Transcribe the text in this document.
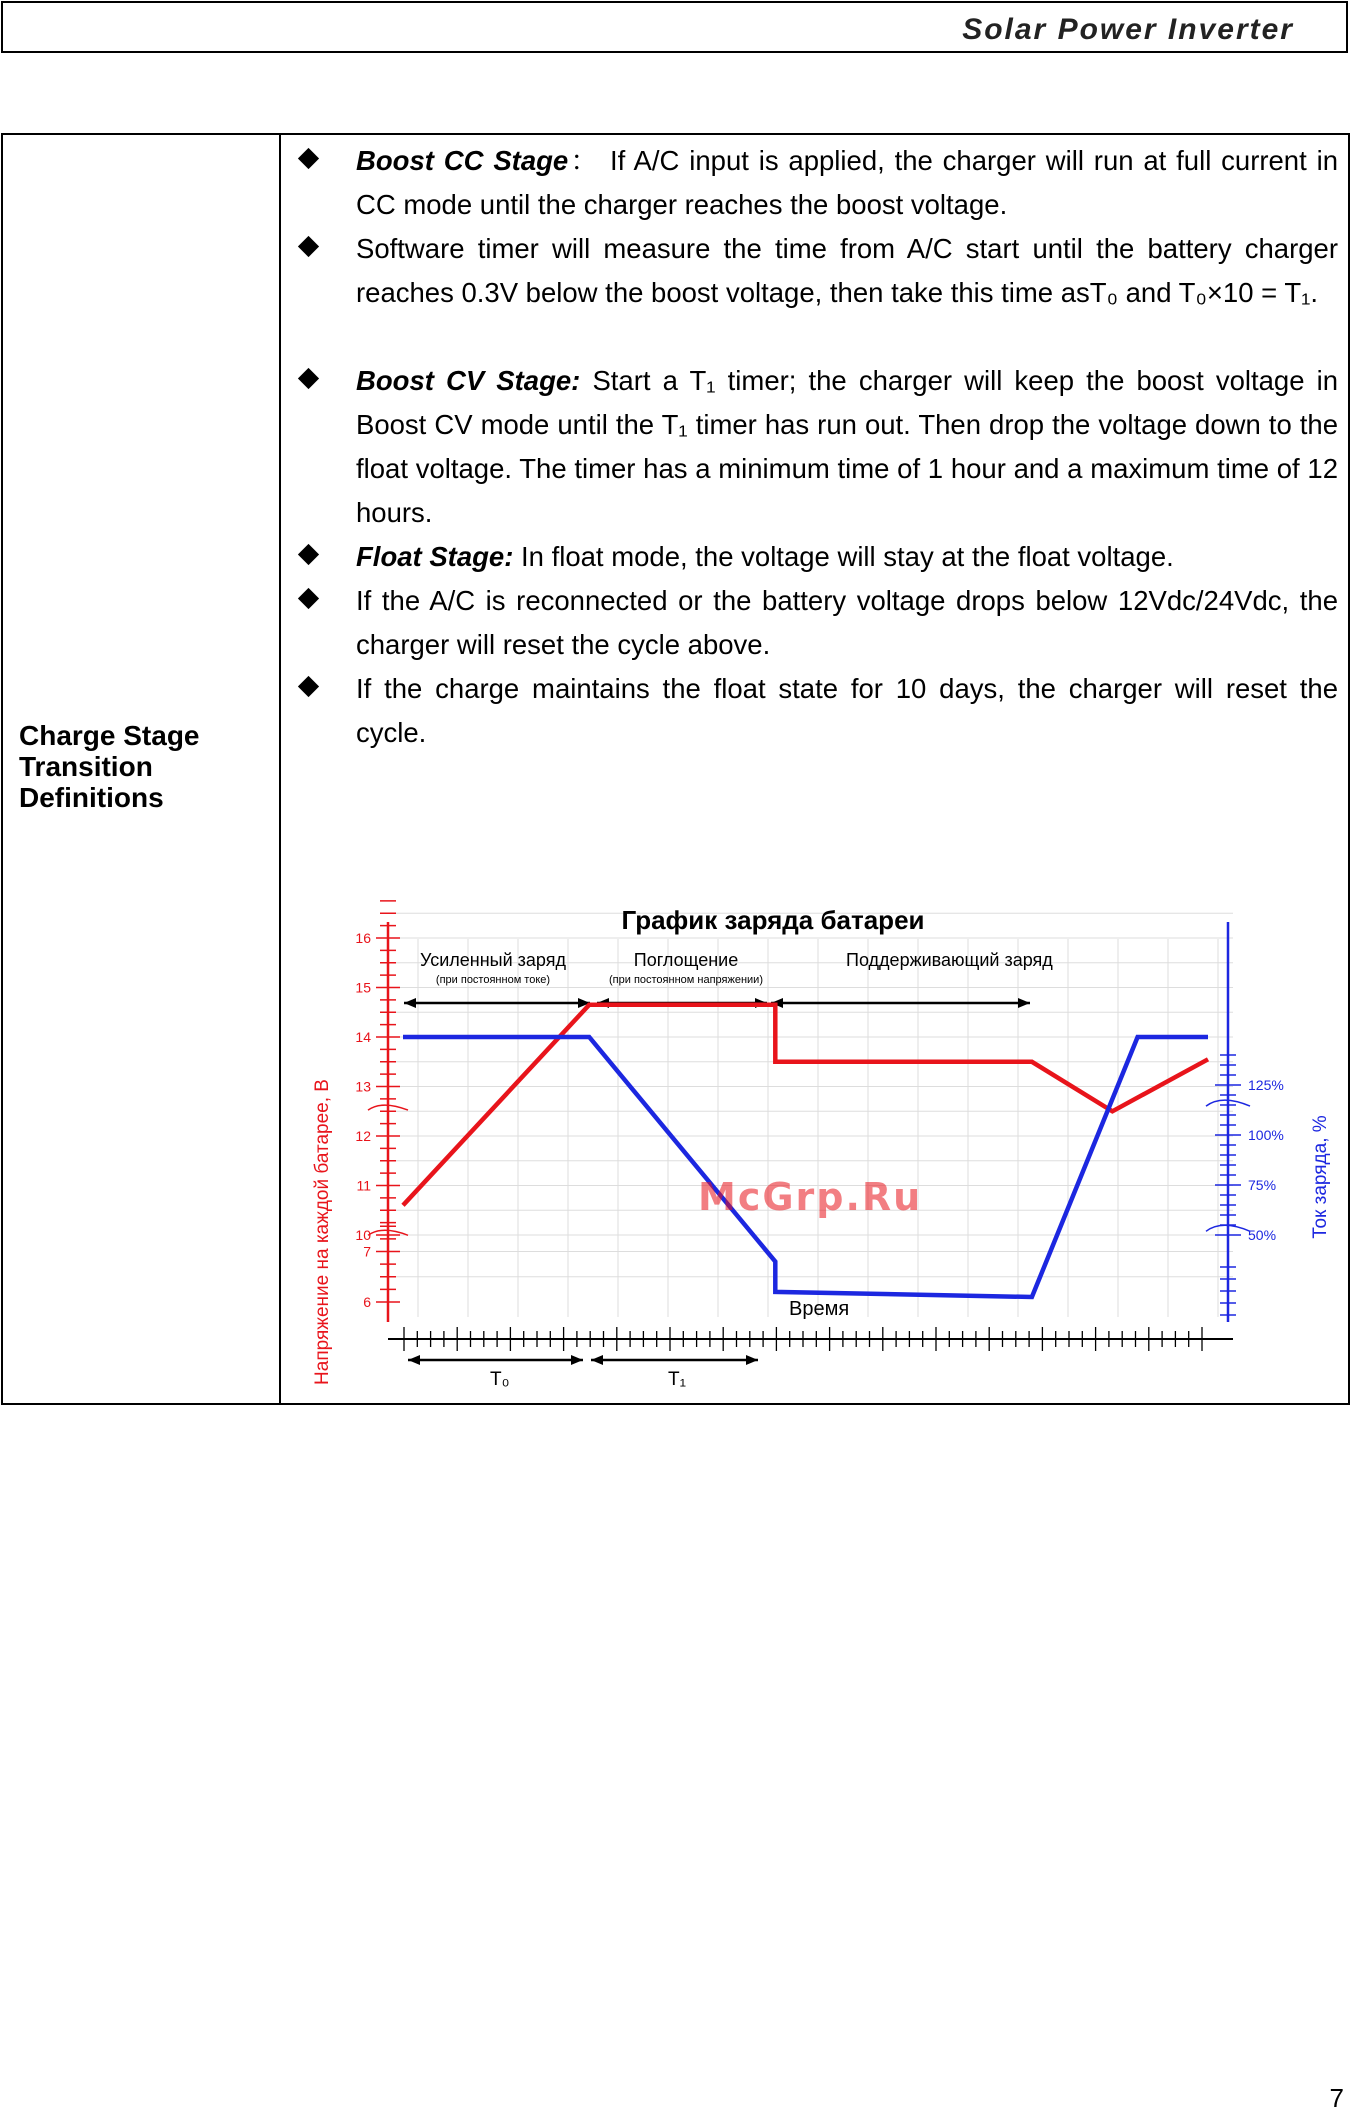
Solar Power Inverter
Charge Stage Transition Definitions
Boost CC Stage： If A/C input is applied, the charger will run at full current in CC mode until the charger reaches the boost voltage.
Software timer will measure the time from A/C start until the battery charger reaches 0.3V below the boost voltage, then take this time asT₀ and T₀×10 = T₁.
Boost CV Stage: Start a T₁ timer; the charger will keep the boost voltage in Boost CV mode until the T₁ timer has run out. Then drop the voltage down to the float voltage. The timer has a minimum time of 1 hour and a maximum time of 12 hours.
Float Stage: In float mode, the voltage will stay at the float voltage.
If the A/C is reconnected or the battery voltage drops below 12Vdc/24Vdc, the charger will reset the cycle above.
If the charge maintains the float state for 10 days, the charger will reset the cycle.
График заряда батареи
16
15
14
13
12
11
10
7
6
125%
100%
75%
50%
T₀	T₁
Усиленный заряд
(при постоянном токе)
Поглощение
(при постоянном напряжении)
Поддерживающий заряд
McGrp.Ru
Напряжение на каждой батарее, В	Ток заряда, %
Время
7
